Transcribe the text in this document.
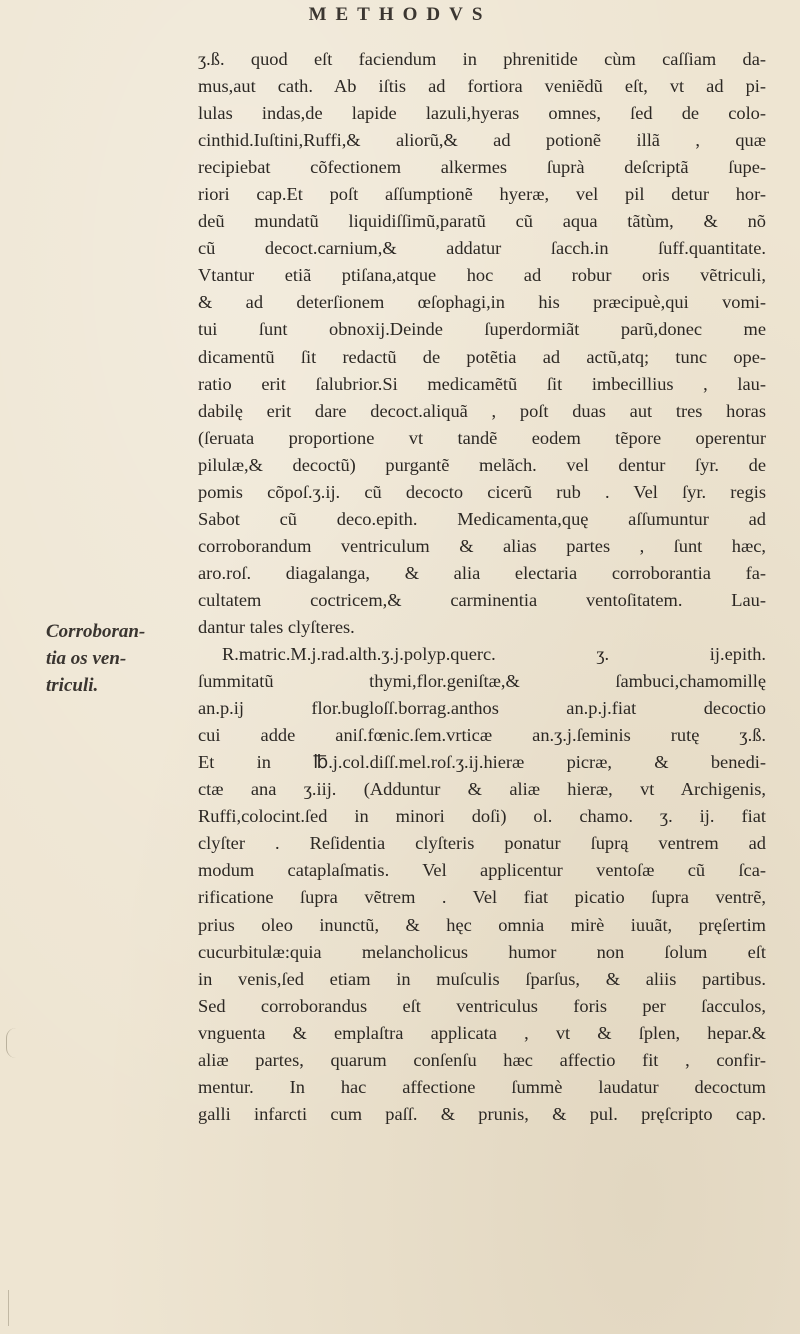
METHODVS
Corroboran-
tia os ven-
triculi.
ʒ.ß. quod eſt faciendum in phrenitide cùm caſſiam da-
mus,aut cath. Ab iſtis ad fortiora veniẽdũ eſt, vt ad pi-
lulas indas,de lapide lazuli,hyeras omnes, ſed de colo-
cinthid.Iuſtini,Ruffi,& aliorũ,& ad potionẽ illã , quæ
recipiebat cõfectionem alkermes ſuprà deſcriptã ſupe-
riori cap.Et poſt aſſumptionẽ hyeræ, vel pil detur hor-
deũ mundatũ liquidiſſimũ,paratũ cũ aqua tãtùm, & nõ
cũ decoct.carnium,& addatur ſacch.in ſuff.quantitate.
Vtantur etiã ptiſana,atque hoc ad robur oris vẽtriculi,
& ad deterſionem œſophagi,in his præcipuè,qui vomi-
tui ſunt obnoxij.Deinde ſuperdormiãt parũ,donec me
dicamentũ ſit redactũ de potẽtia ad actũ,atq; tunc ope-
ratio erit ſalubrior.Si medicamẽtũ ſit imbecillius , lau-
dabilę erit dare decoct.aliquã , poſt duas aut tres horas
(ſeruata proportione vt tandẽ eodem tẽpore operentur
pilulæ,& decoctũ) purgantẽ melãch. vel dentur ſyr. de
pomis cõpoſ.ʒ.ij. cũ decocto cicerũ rub . Vel ſyr. regis
Sabot cũ deco.epith. Medicamenta,quę aſſumuntur ad
corroborandum ventriculum & alias partes , ſunt hæc,
aro.roſ. diagalanga, & alia electaria corroborantia fa-
cultatem coctricem,& carminentia ventoſitatem. Lau-
dantur tales clyſteres.
R.matric.M.j.rad.alth.ʒ.j.polyp.querc. ʒ. ij.epith.
ſummitatũ thymi,flor.geniſtæ,& ſambuci,chamomillę
an.p.ij flor.bugloſſ.borrag.anthos an.p.j.fiat decoctio
cui adde aniſ.fœnic.ſem.vrticæ an.ʒ.j.ſeminis rutę ʒ.ß.
Et in ℔.j.col.diſſ.mel.roſ.ʒ.ij.hieræ picræ, & benedi-
ctæ ana ʒ.iij. (Adduntur & aliæ hieræ, vt Archigenis,
Ruffi,colocint.ſed in minori doſi) ol. chamo. ʒ. ij. fiat
clyſter . Reſidentia clyſteris ponatur ſuprą ventrem ad
modum cataplaſmatis. Vel applicentur ventoſæ cũ ſca-
rificatione ſupra vẽtrem . Vel fiat picatio ſupra ventrẽ,
prius oleo inunctũ, & hęc omnia mirè iuuãt, pręſertim
cucurbitulæ:quia melancholicus humor non ſolum eſt
in venis,ſed etiam in muſculis ſparſus, & aliis partibus.
Sed corroborandus eſt ventriculus foris per ſacculos,
vnguenta & emplaſtra applicata , vt & ſplen, hepar.&
aliæ partes, quarum conſenſu hæc affectio fit , confir-
mentur. In hac affectione ſummè laudatur decoctum
galli infarcti cum paſſ. & prunis, & pul. pręſcripto cap.
